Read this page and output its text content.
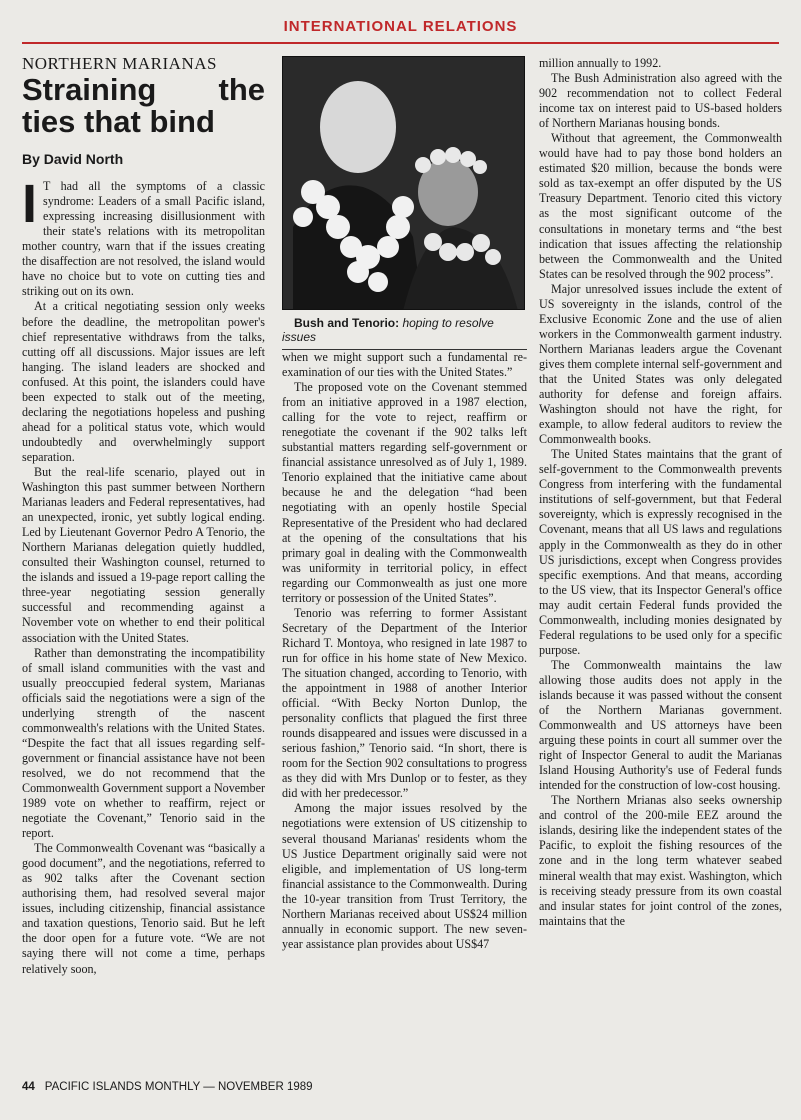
INTERNATIONAL RELATIONS
NORTHERN MARIANAS
Straining the ties that bind
By David North

I T had all the symptoms of a classic syndrome: Leaders of a small Pacific island, expressing increasing disillusionment with their state's relations with its metropolitan mother country, warn that if the issues creating the disaffection are not resolved, the island would have no choice but to vote on cutting ties and striking out on its own.

At a critical negotiating session only weeks before the deadline, the metropolitan power's chief representative withdraws from the talks, cutting off all discussions. Major issues are left hanging. The island leaders are shocked and confused. At this point, the islanders could have been expected to stalk out of the meeting, declaring the negotiations hopeless and pushing ahead for a political status vote, which would undoubtedly and overwhelmingly support separation.

But the real-life scenario, played out in Washington this past summer between Northern Marianas leaders and Federal representatives, had an unexpected, ironic, yet subtly logical ending. Led by Lieutenant Governor Pedro A Tenorio, the Northern Marianas delegation quietly huddled, consulted their Washington counsel, returned to the islands and issued a 19-page report calling the three-year negotiating session generally successful and recommending against a November vote on whether to end their political association with the United States.

Rather than demonstrating the incompatibility of small island communities with the vast and usually preoccupied federal system, Marianas officials said the negotiations were a sign of the underlying strength of the nascent commonwealth's relations with the United States. “Despite the fact that all issues regarding self-government or financial assistance have not been resolved, we do not recommend that the Commonwealth Government support a November 1989 vote on whether to reaffirm, reject or negotiate the Covenant,” Tenorio said in the report.

The Commonwealth Covenant was “basically a good document”, and the negotiations, referred to as 902 talks after the Covenant section authorising them, had resolved several major issues, including citizenship, financial assistance and taxation questions, Tenorio said. But he left the door open for a future vote. “We are not saying there will not come a time, perhaps relatively soon,

Bush and Tenorio: hoping to resolve issues

when we might support such a fundamental re-examination of our ties with the United States.”

The proposed vote on the Covenant stemmed from an initiative approved in a 1987 election, calling for the vote to reject, reaffirm or renegotiate the covenant if the 902 talks left substantial matters regarding self-government or financial assistance unresolved as of July 1, 1989. Tenorio explained that the initiative came about because he and the delegation “had been negotiating with an openly hostile Special Representative of the President who had declared at the opening of the consultations that his primary goal in dealing with the Commonwealth was uniformity in territorial policy, in effect regarding our Commonwealth as just one more territory or possession of the United States”.

Tenorio was referring to former Assistant Secretary of the Department of the Interior Richard T. Montoya, who resigned in late 1987 to run for office in his home state of New Mexico. The situation changed, according to Tenorio, with the appointment in 1988 of another Interior official. “With Becky Norton Dunlop, the personality conflicts that plagued the first three rounds disappeared and issues were discussed in a serious fashion,” Tenorio said. “In short, there is room for the Section 902 consultations to progress as they did with Mrs Dunlop or to fester, as they did with her predecessor.”

Among the major issues resolved by the negotiations were extension of US citizenship to several thousand Marianas' residents whom the US Justice Department originally said were not eligible, and implementation of US long-term financial assistance to the Commonwealth. During the 10-year transition from Trust Territory, the Northern Marianas received about US$24 million annually in economic support. The new seven-year assistance plan provides about US$47

million annually to 1992.

The Bush Administration also agreed with the 902 recommendation not to collect Federal income tax on interest paid to US-based holders of Northern Marianas housing bonds.

Without that agreement, the Commonwealth would have had to pay those bond holders an estimated $20 million, because the bonds were sold as tax-exempt an offer disputed by the US Treasury Department. Tenorio cited this victory as the most significant outcome of the consultations in monetary terms and “the best indication that issues affecting the relationship between the Commonwealth and the United States can be resolved through the 902 process”.

Major unresolved issues include the extent of US sovereignty in the islands, control of the Exclusive Economic Zone and the use of alien workers in the Commonwealth garment industry. Northern Marianas leaders argue the Covenant gives them complete internal self-government and that the United States was only delegated authority for defense and foreign affairs. Washington should not have the right, for example, to allow federal auditors to review the Commonwealth books.

The United States maintains that the grant of self-government to the Commonwealth prevents Congress from interfering with the fundamental institutions of self-government, but that Federal sovereignty, which is expressly recognised in the Covenant, means that all US laws and regulations apply in the Commonwealth as they do in other US jurisdictions, except when Congress provides specific exemptions. And that means, according to the US view, that its Inspector General's office may audit certain Federal funds provided the Commonwealth, including monies designated by Federal regulations to be used only for a specific purpose.

The Commonwealth maintains the law allowing those audits does not apply in the islands because it was passed without the consent of the Northern Marianas government. Commonwealth and US attorneys have been arguing these points in court all summer over the right of Inspector General to audit the Marianas Island Housing Authority's use of Federal funds intended for the construction of low-cost housing.

The Northern Mrianas also seeks ownership and control of the 200-mile EEZ around the islands, desiring like the independent states of the Pacific, to exploit the fishing resources of the zone and in the long term whatever seabed mineral wealth that may exist. Washington, which is receiving steady pressure from its own coastal and insular states for joint control of the zones, maintains that the

44 PACIFIC ISLANDS MONTHLY — NOVEMBER 1989
